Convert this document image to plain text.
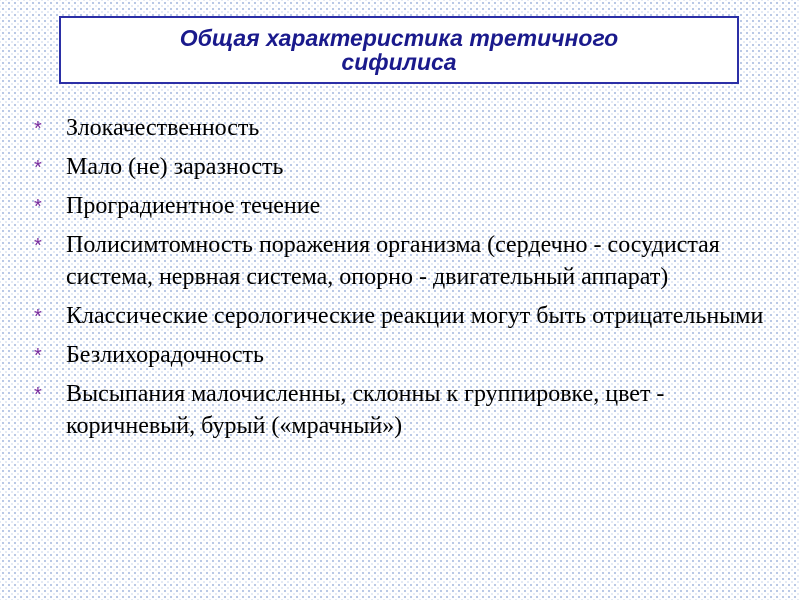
Общая характеристика третичного сифилиса
* Злокачественность
* Мало (не) заразность
* Проградиентное течение
* Полисимтомность поражения организма (сердечно - сосудистая система, нервная система, опорно - двигательный аппарат)
* Классические серологические реакции могут быть отрицательными
* Безлихорадочность
* Высыпания малочисленны, склонны к группировке, цвет - коричневый, бурый («мрачный»)
